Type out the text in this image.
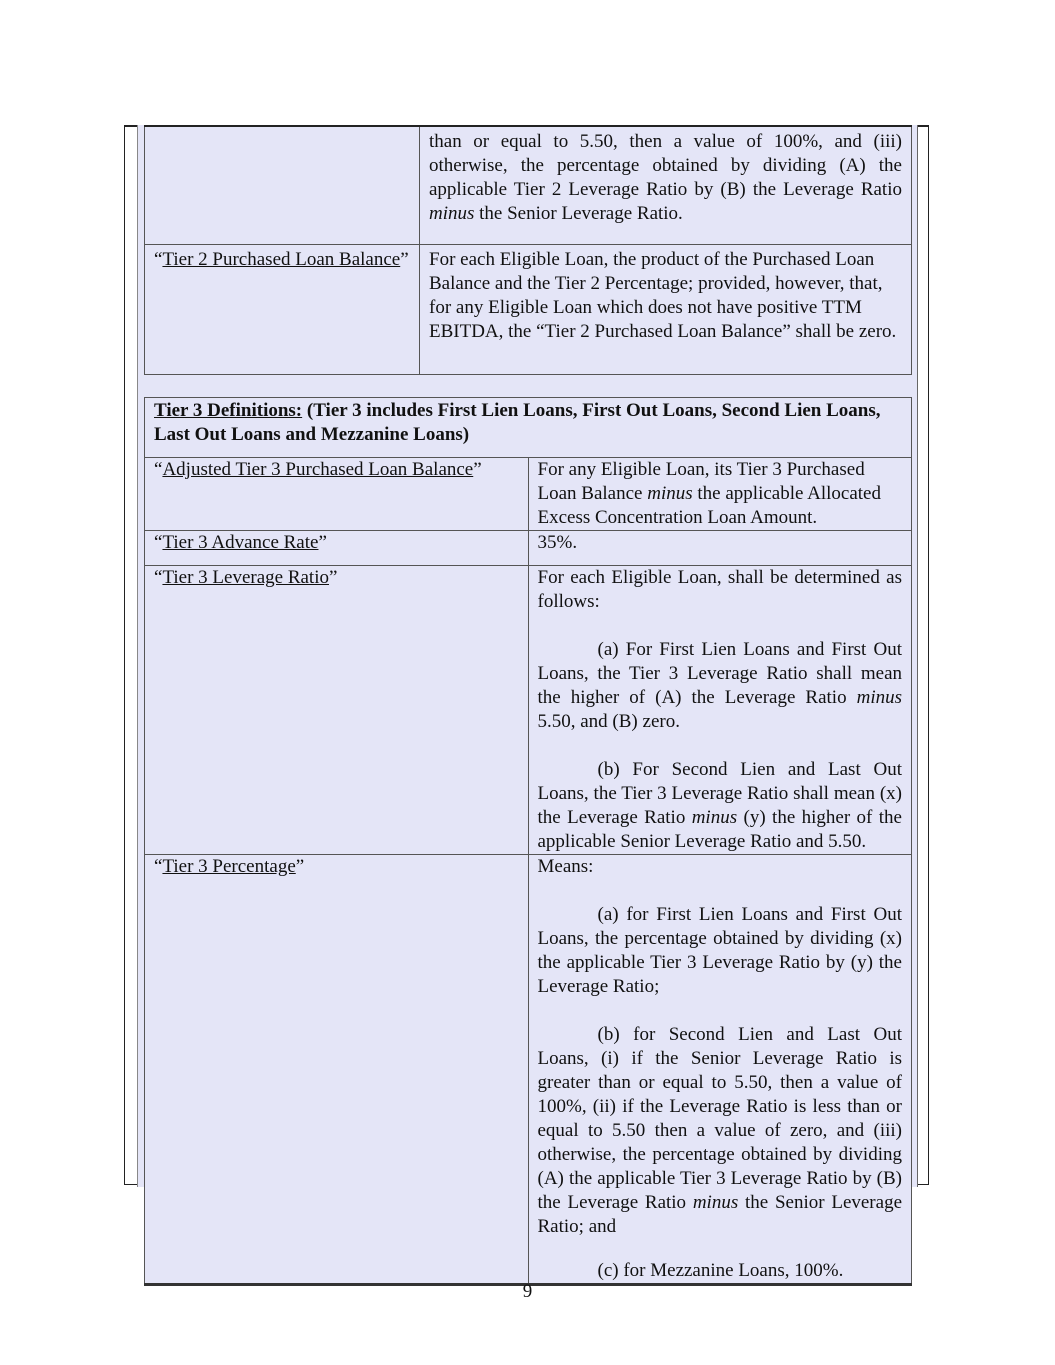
	than or equal to 5.50, then a value of 100%, and (iii) otherwise, the percentage obtained by dividing (A) the applicable Tier 2 Leverage Ratio by (B) the Leverage Ratio minus the Senior Leverage Ratio.
“Tier 2 Purchased Loan Balance”	For each Eligible Loan, the product of the Purchased Loan Balance and the Tier 2 Percentage; provided, however, that, for any Eligible Loan which does not have positive TTM EBITDA, the “Tier 2 Purchased Loan Balance” shall be zero.
Tier 3 Definitions: (Tier 3 includes First Lien Loans, First Out Loans, Second Lien Loans, Last Out Loans and Mezzanine Loans)	
“Adjusted Tier 3 Purchased Loan Balance”	For any Eligible Loan, its Tier 3 Purchased Loan Balance minus the applicable Allocated Excess Concentration Loan Amount.
“Tier 3 Advance Rate”	35%.
“Tier 3 Leverage Ratio”	For each Eligible Loan, shall be determined as follows:

(a) For First Lien Loans and First Out Loans, the Tier 3 Leverage Ratio shall mean the higher of (A) the Leverage Ratio minus 5.50, and (B) zero.

(b) For Second Lien and Last Out Loans, the Tier 3 Leverage Ratio shall mean (x) the Leverage Ratio minus (y) the higher of the applicable Senior Leverage Ratio and 5.50.

“Tier 3 Percentage”	Means:

(a) for First Lien Loans and First Out Loans, the percentage obtained by dividing (x) the applicable Tier 3 Leverage Ratio by (y) the Leverage Ratio;

(b) for Second Lien and Last Out Loans, (i) if the Senior Leverage Ratio is greater than or equal to 5.50, then a value of 100%, (ii) if the Leverage Ratio is less than or equal to 5.50 then a value of zero, and (iii) otherwise, the percentage obtained by dividing (A) the applicable Tier 3 Leverage Ratio by (B) the Leverage Ratio minus the Senior Leverage Ratio; and

(c) for Mezzanine Loans, 100%.

9
